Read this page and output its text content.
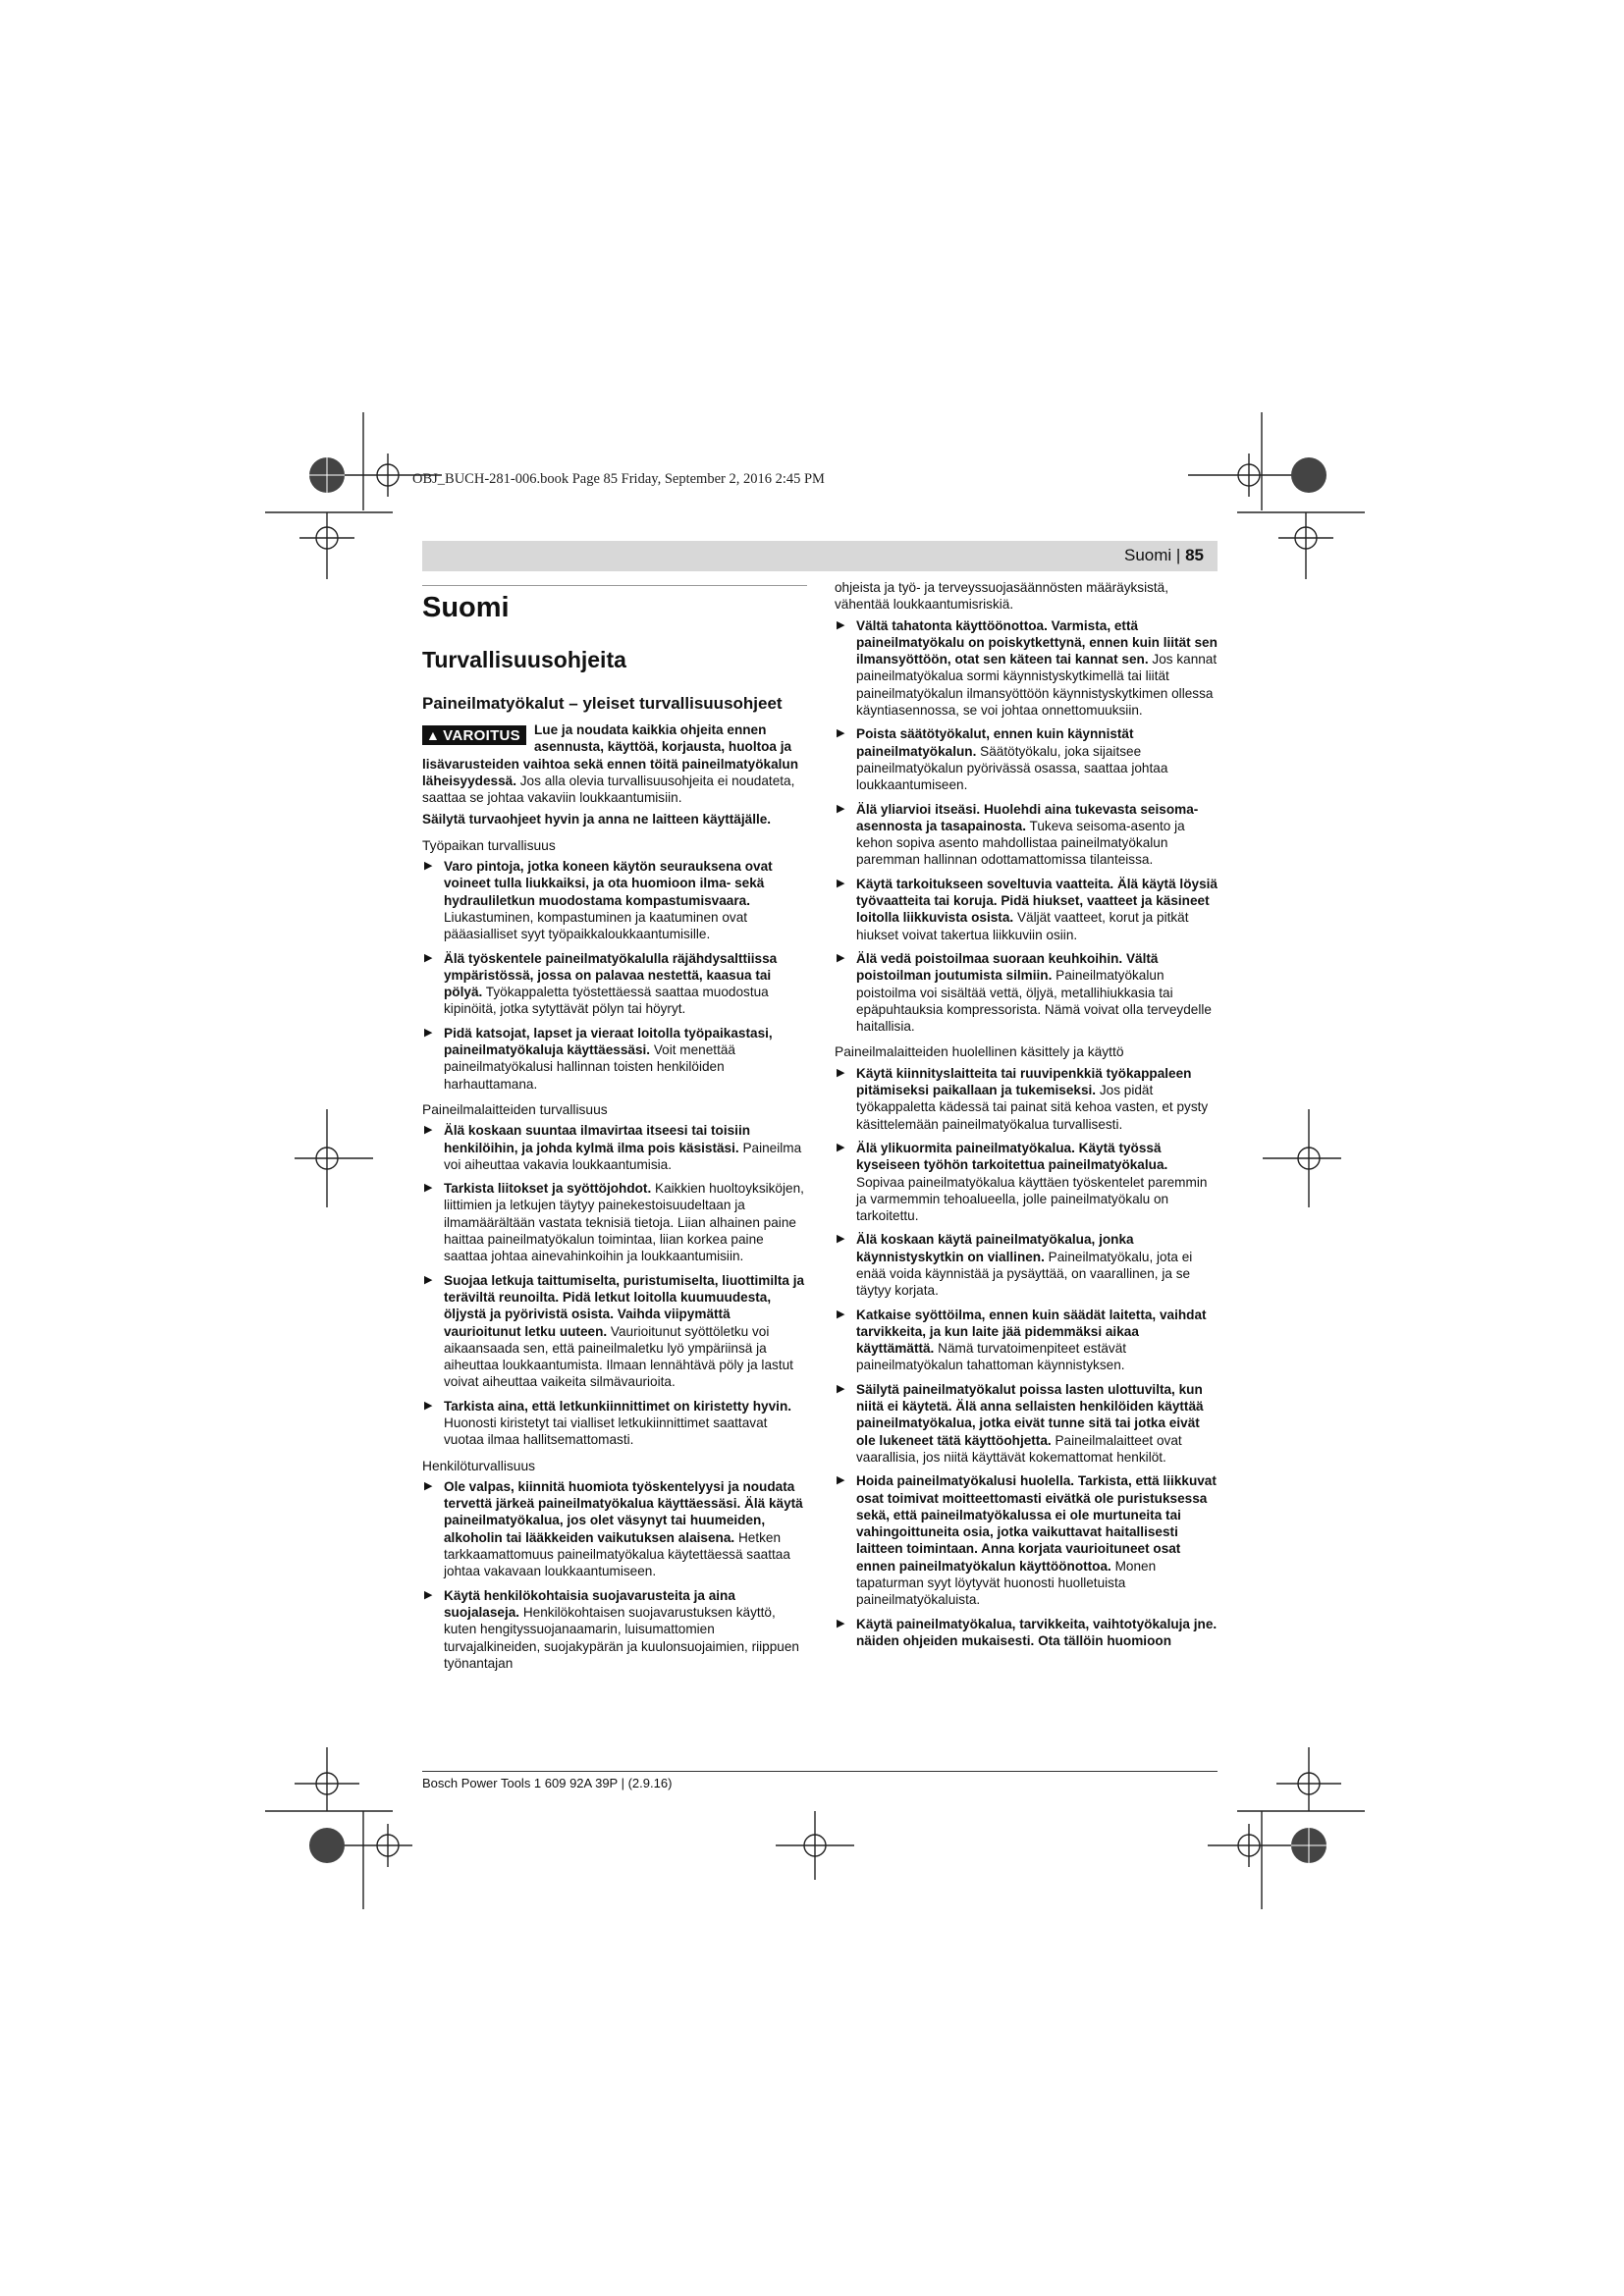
OBJ_BUCH-281-006.book Page 85 Friday, September 2, 2016 2:45 PM
Suomi | 85
Suomi
Turvallisuusohjeita
Paineilmatyökalut – yleiset turvallisuusohjeet

▲ VAROITUS	Lue ja noudata kaikkia ohjeita ennen asennusta, käyttöä, korjausta, huoltoa ja lisävarusteiden vaihtoa sekä ennen töitä paineilmatyökalun läheisyydessä. Jos alla olevia turvallisuusohjeita ei noudateta, saattaa se johtaa vakaviin loukkaantumisiin.

Säilytä turvaohjeet hyvin ja anna ne laitteen käyttäjälle.

Työpaikan turvallisuus
▶ Varo pintoja, jotka koneen käytön seurauksena ovat voineet tulla liukkaiksi, ja ota huomioon ilma- sekä hydrauliletkun muodostama kompastumisvaara. Liukastuminen, kompastuminen ja kaatuminen ovat pääasialliset syyt työpaikkaloukkaantumisille.
▶ Älä työskentele paineilmatyökalulla räjähdysalttiissa ympäristössä, jossa on palavaa nestettä, kaasua tai pölyä. Työkappaletta työstettäessä saattaa muodostua kipinöitä, jotka sytyttävät pölyn tai höyryt.
▶ Pidä katsojat, lapset ja vieraat loitolla työpaikastasi, paineilmatyökaluja käyttäessäsi. Voit menettää paineilmatyökalusi hallinnan toisten henkilöiden harhauttamana.
Paineilmalaitteiden turvallisuus
▶ Älä koskaan suuntaa ilmavirtaa itseesi tai toisiin henkilöihin, ja johda kylmä ilma pois käsistäsi. Paineilma voi aiheuttaa vakavia loukkaantumisia.
▶ Tarkista liitokset ja syöttöjohdot. Kaikkien huoltoyksiköjen, liittimien ja letkujen täytyy painekestoisuudeltaan ja ilmamäärältään vastata teknisiä tietoja. Liian alhainen paine haittaa paineilmatyökalun toimintaa, liian korkea paine saattaa johtaa ainevahinkoihin ja loukkaantumisiin.
▶ Suojaa letkuja taittumiselta, puristumiselta, liuottimilta ja teräviltä reunoilta. Pidä letkut loitolla kuumuudesta, öljystä ja pyörivistä osista. Vaihda viipymättä vaurioitunut letku uuteen. Vaurioitunut syöttöletku voi aikaansaada sen, että paineilmaletku lyö ympäriinsä ja aiheuttaa loukkaantumista. Ilmaan lennähtävä pöly ja lastut voivat aiheuttaa vaikeita silmävaurioita.
▶ Tarkista aina, että letkunkiinnittimet on kiristetty hyvin. Huonosti kiristetyt tai vialliset letkukiinnittimet saattavat vuotaa ilmaa hallitsemattomasti.
Henkilöturvallisuus
▶ Ole valpas, kiinnitä huomiota työskentelyysi ja noudata tervettä järkeä paineilmatyökalua käyttäessäsi. Älä käytä paineilmatyökalua, jos olet väsynyt tai huumeiden, alkoholin tai lääkkeiden vaikutuksen alaisena. Hetken tarkkaamattomuus paineilmatyökalua käytettäessä saattaa johtaa vakavaan loukkaantumiseen.
▶ Käytä henkilökohtaisia suojavarusteita ja aina suojalaseja. Henkilökohtaisen suojavarustuksen käyttö, kuten hengityssuojanaamarin, luisumattomien turvajalkineiden, suojakypärän ja kuulonsuojaimien, riippuen työnantajan

ohjeista ja työ- ja terveyssuojasäännösten määräyksistä, vähentää loukkaantumisriskiä.

▶ Vältä tahatonta käyttöönottoa. Varmista, että paineilmatyökalu on poiskytkettynä, ennen kuin liität sen ilmansyöttöön, otat sen käteen tai kannat sen. Jos kannat paineilmatyökalua sormi käynnistyskytkimellä tai liität paineilmatyökalun ilmansyöttöön käynnistyskytkimen ollessa käyntiasennossa, se voi johtaa onnettomuuksiin.
▶ Poista säätötyökalut, ennen kuin käynnistät paineilmatyökalun. Säätötyökalu, joka sijaitsee paineilmatyökalun pyörivässä osassa, saattaa johtaa loukkaantumiseen.
▶ Älä yliarvioi itseäsi. Huolehdi aina tukevasta seisoma-asennosta ja tasapainosta. Tukeva seisoma-asento ja kehon sopiva asento mahdollistaa paineilmatyökalun paremman hallinnan odottamattomissa tilanteissa.
▶ Käytä tarkoitukseen soveltuvia vaatteita. Älä käytä löysiä työvaatteita tai koruja. Pidä hiukset, vaatteet ja käsineet loitolla liikkuvista osista. Väljät vaatteet, korut ja pitkät hiukset voivat takertua liikkuviin osiin.
▶ Älä vedä poistoilmaa suoraan keuhkoihin. Vältä poistoilman joutumista silmiin. Paineilmatyökalun poistoilma voi sisältää vettä, öljyä, metallihiukkasia tai epäpuhtauksia kompressorista. Nämä voivat olla terveydelle haitallisia.
Paineilmalaitteiden huolellinen käsittely ja käyttö
▶ Käytä kiinnityslaitteita tai ruuvipenkkiä työkappaleen pitämiseksi paikallaan ja tukemiseksi. Jos pidät työkappaletta kädessä tai painat sitä kehoa vasten, et pysty käsittelemään paineilmatyökalua turvallisesti.
▶ Älä ylikuormita paineilmatyökalua. Käytä työssä kyseiseen työhön tarkoitettua paineilmatyökalua. Sopivaa paineilmatyökalua käyttäen työskentelet paremmin ja varmemmin tehoalueella, jolle paineilmatyökalu on tarkoitettu.
▶ Älä koskaan käytä paineilmatyökalua, jonka käynnistyskytkin on viallinen. Paineilmatyökalu, jota ei enää voida käynnistää ja pysäyttää, on vaarallinen, ja se täytyy korjata.
▶ Katkaise syöttöilma, ennen kuin säädät laitetta, vaihdat tarvikkeita, ja kun laite jää pidemmäksi aikaa käyttämättä. Nämä turvatoimenpiteet estävät paineilmatyökalun tahattoman käynnistyksen.
▶ Säilytä paineilmatyökalut poissa lasten ulottuvilta, kun niitä ei käytetä. Älä anna sellaisten henkilöiden käyttää paineilmatyökalua, jotka eivät tunne sitä tai jotka eivät ole lukeneet tätä käyttöohjetta. Paineilmalaitteet ovat vaarallisia, jos niitä käyttävät kokemattomat henkilöt.
▶ Hoida paineilmatyökalusi huolella. Tarkista, että liikkuvat osat toimivat moitteettomasti eivätkä ole puristuksessa sekä, että paineilmatyökalussa ei ole murtuneita tai vahingoittuneita osia, jotka vaikuttavat haitallisesti laitteen toimintaan. Anna korjata vaurioituneet osat ennen paineilmatyökalun käyttöönottoa. Monen tapaturman syyt löytyvät huonosti huolletuista paineilmatyökaluista.
▶ Käytä paineilmatyökalua, tarvikkeita, vaihtotyökaluja jne. näiden ohjeiden mukaisesti. Ota tällöin huomioon
Bosch Power Tools 1 609 92A 39P | (2.9.16)
